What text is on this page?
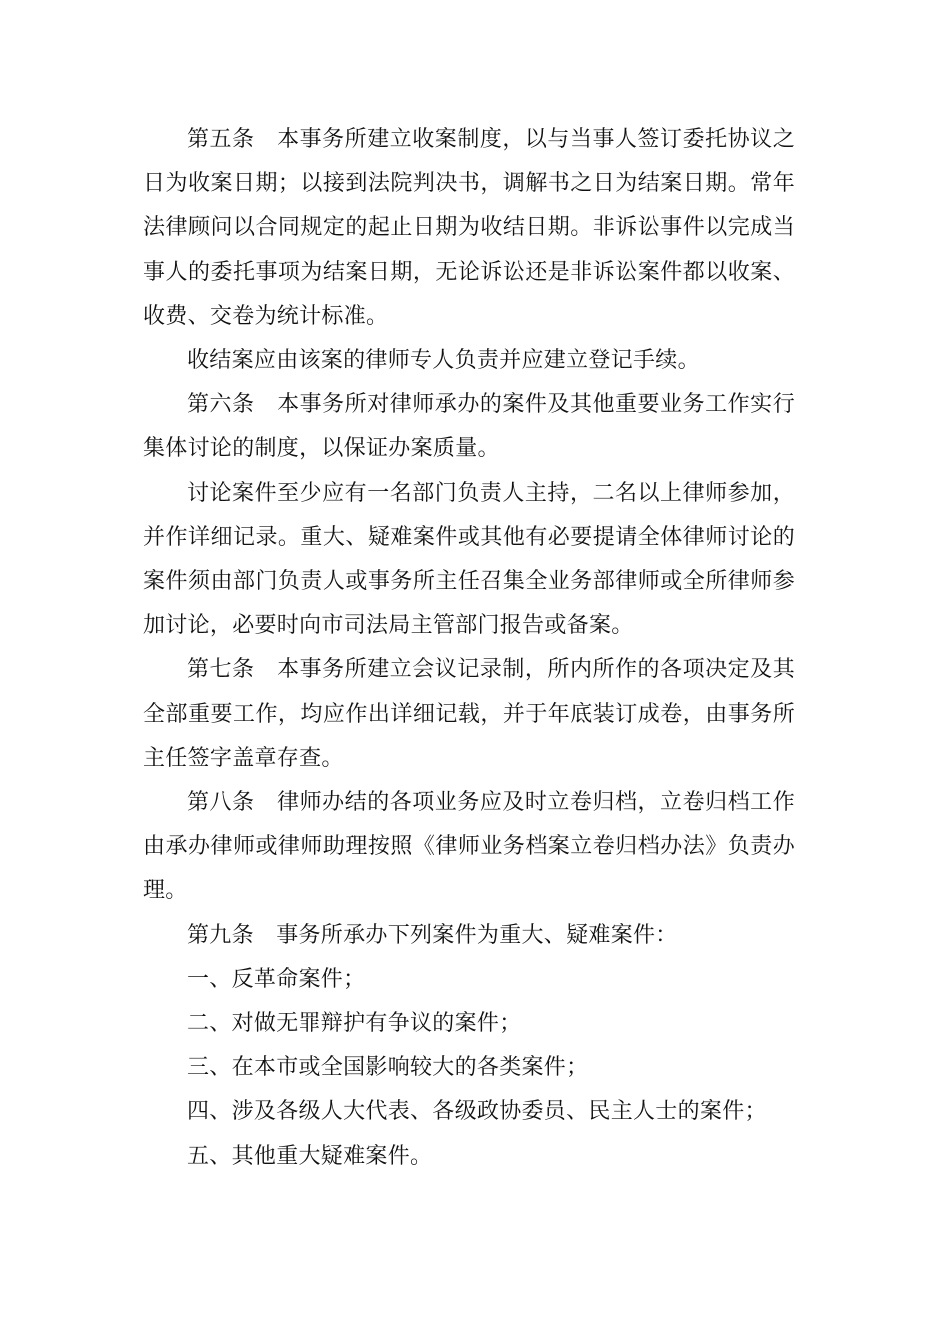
第五条　本事务所建立收案制度，以与当事人签订委托协议之日为收案日期；以接到法院判决书，调解书之日为结案日期。常年法律顾问以合同规定的起止日期为收结日期。非诉讼事件以完成当事人的委托事项为结案日期，无论诉讼还是非诉讼案件都以收案、收费、交卷为统计标准。

收结案应由该案的律师专人负责并应建立登记手续。

第六条　本事务所对律师承办的案件及其他重要业务工作实行集体讨论的制度，以保证办案质量。

讨论案件至少应有一名部门负责人主持，二名以上律师参加，并作详细记录。重大、疑难案件或其他有必要提请全体律师讨论的案件须由部门负责人或事务所主任召集全业务部律师或全所律师参加讨论，必要时向市司法局主管部门报告或备案。

第七条　本事务所建立会议记录制，所内所作的各项决定及其全部重要工作，均应作出详细记载，并于年底装订成卷，由事务所主任签字盖章存查。

第八条　律师办结的各项业务应及时立卷归档，立卷归档工作由承办律师或律师助理按照《律师业务档案立卷归档办法》负责办理。

第九条　事务所承办下列案件为重大、疑难案件：

一、反革命案件；

二、对做无罪辩护有争议的案件；

三、在本市或全国影响较大的各类案件；

四、涉及各级人大代表、各级政协委员、民主人士的案件；

五、其他重大疑难案件。
